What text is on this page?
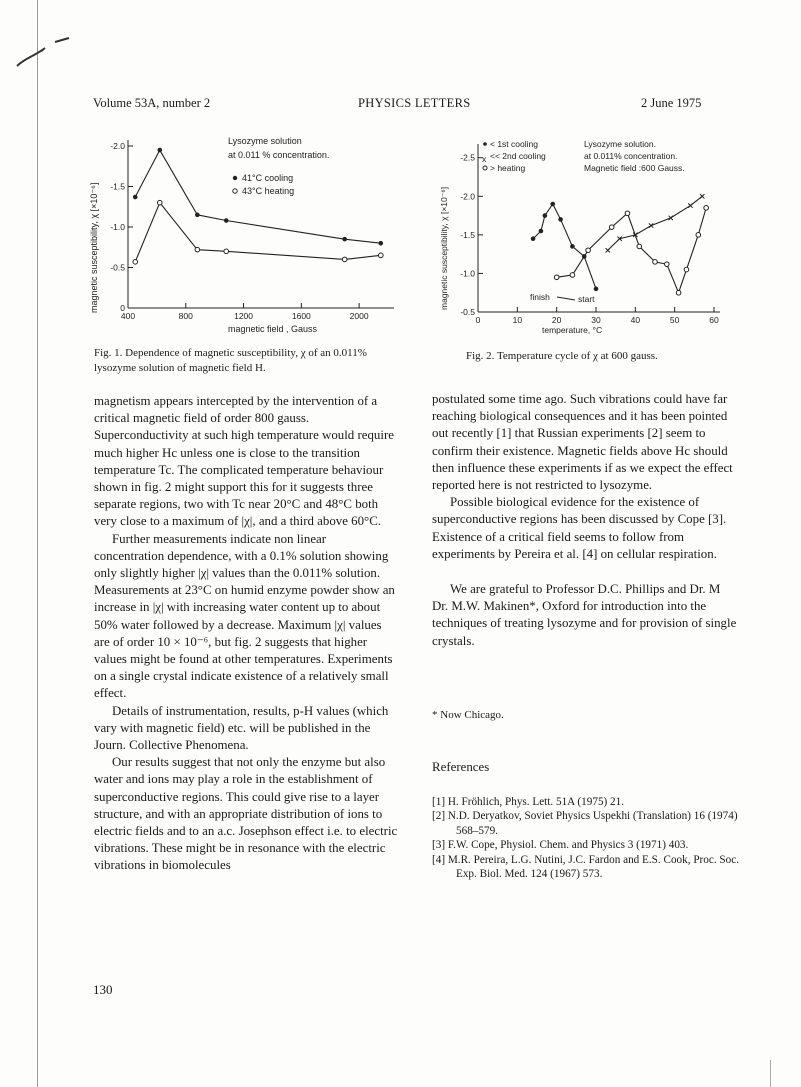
Volume 53A, number 2	PHYSICS LETTERS	2 June 1975
400	800	1200	1600	2000
0
-0.5
-1.0
-1.5
-2.0	Lysozyme solution
at 0.011 % concentration.
41°C cooling
43°C heating
magnetic susceptibility, χ [×10⁻⁶]
magnetic field , Gauss
Fig. 1. Dependence of magnetic susceptibility, χ of an 0.011% lysozyme solution of magnetic field H.
0	10	20	30	40	50	60
-0.5
-1.0
-1.5
-2.0
-2.5
< 1st cooling
<< 2nd cooling
> heating
x
Lysozyme solution.
at 0.011% concentration.
Magnetic field :600 Gauss.
finish	start
magnetic susceptibility, χ [×10⁻⁶]
temperature, °C
Fig. 2. Temperature cycle of χ at 600 gauss.

magnetism appears intercepted by the intervention of a critical magnetic field of order 800 gauss. Superconductivity at such high temperature would require much higher Hc unless one is close to the transition temperature Tc. The complicated temperature behaviour shown in fig. 2 might support this for it suggests three separate regions, two with Tc near 20°C and 48°C both very close to a maximum of |χ|, and a third above 60°C.

Further measurements indicate non linear concentration dependence, with a 0.1% solution showing only slightly higher |χ| values than the 0.011% solution. Measurements at 23°C on humid enzyme powder show an increase in |χ| with increasing water content up to about 50% water followed by a decrease. Maximum |χ| values are of order 10 × 10⁻⁶, but fig. 2 suggests that higher values might be found at other temperatures. Experiments on a single crystal indicate existence of a relatively small effect.

Details of instrumentation, results, p-H values (which vary with magnetic field) etc. will be published in the Journ. Collective Phenomena.

Our results suggest that not only the enzyme but also water and ions may play a role in the establishment of superconductive regions. This could give rise to a layer structure, and with an appropriate distribution of ions to electric fields and to an a.c. Josephson effect i.e. to electric vibrations. These might be in resonance with the electric vibrations in biomolecules

postulated some time ago. Such vibrations could have far reaching biological consequences and it has been pointed out recently [1] that Russian experiments [2] seem to confirm their existence. Magnetic fields above Hc should then influence these experiments if as we expect the effect reported here is not restricted to lysozyme.

Possible biological evidence for the existence of superconductive regions has been discussed by Cope [3]. Existence of a critical field seems to follow from experiments by Pereira et al. [4] on cellular respiration.

We are grateful to Professor D.C. Phillips and Dr. M Dr. M.W. Makinen*, Oxford for introduction into the techniques of treating lysozyme and for provision of single crystals.

* Now Chicago.
References
[1] H. Fröhlich, Phys. Lett. 51A (1975) 21.
[2] N.D. Deryatkov, Soviet Physics Uspekhi (Translation) 16 (1974) 568–579.
[3] F.W. Cope, Physiol. Chem. and Physics 3 (1971) 403.
[4] M.R. Pereira, L.G. Nutini, J.C. Fardon and E.S. Cook, Proc. Soc. Exp. Biol. Med. 124 (1967) 573.
130
